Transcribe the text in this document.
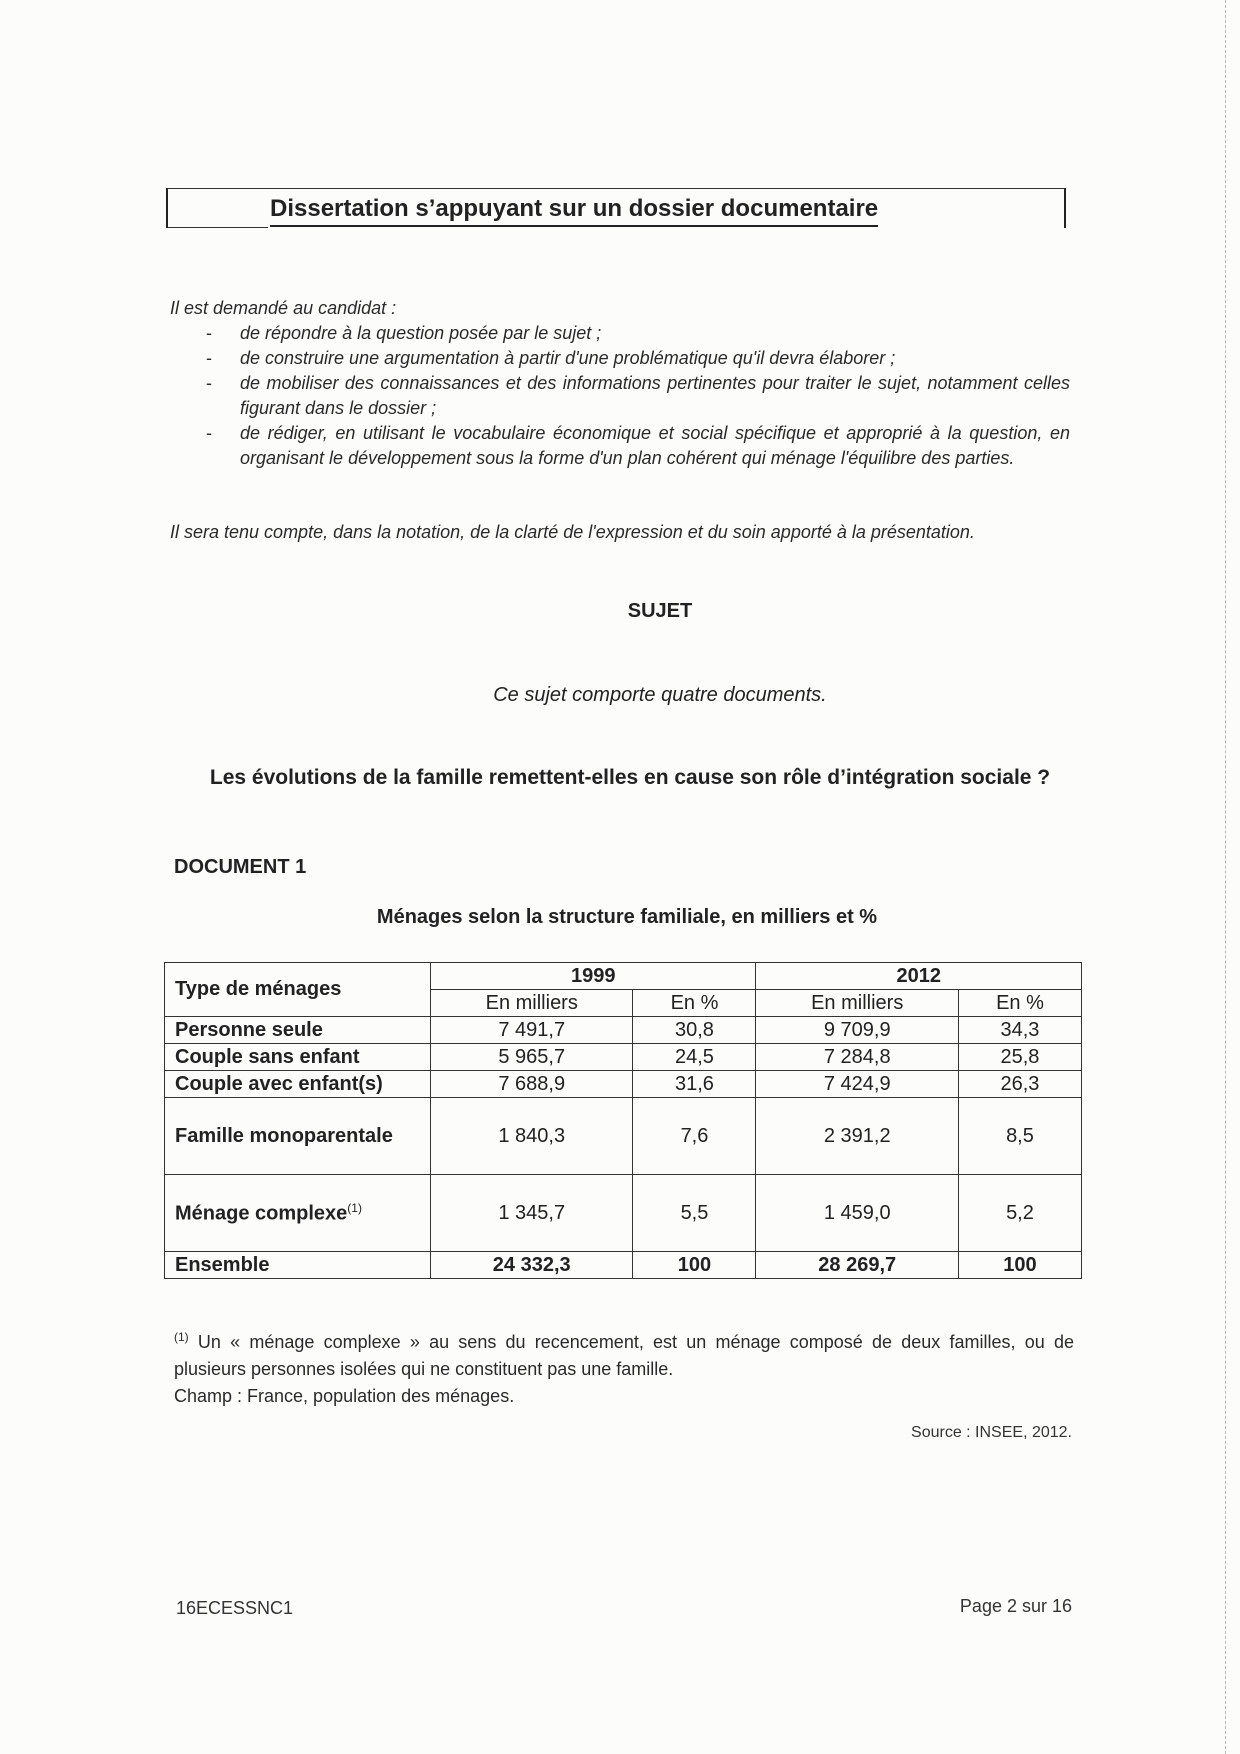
Dissertation s’appuyant sur un dossier documentaire

Il est demandé au candidat :

- de répondre à la question posée par le sujet ;
- de construire une argumentation à partir d'une problématique qu'il devra élaborer ;
- de mobiliser des connaissances et des informations pertinentes pour traiter le sujet, notamment celles figurant dans le dossier ;
- de rédiger, en utilisant le vocabulaire économique et social spécifique et approprié à la question, en organisant le développement sous la forme d'un plan cohérent qui ménage l'équilibre des parties.

Il sera tenu compte, dans la notation, de la clarté de l'expression et du soin apporté à la présentation.

SUJET
Ce sujet comporte quatre documents.
Les évolutions de la famille remettent-elles en cause son rôle d’intégration sociale ?
DOCUMENT 1
Ménages selon la structure familiale, en milliers et %
Type de ménages	1999		2012	
	En milliers	En %	En milliers	En %
Personne seule	7 491,7	30,8	9 709,9	34,3
Couple sans enfant	5 965,7	24,5	7 284,8	25,8
Couple avec enfant(s)	7 688,9	31,6	7 424,9	26,3
Famille monoparentale	1 840,3	7,6	2 391,2	8,5
Ménage complexe$^{(1)}$	1 345,7	5,5	1 459,0	5,2
Ensemble	24 332,3	100	28 269,7	100
$^{(1)}$ Un « ménage complexe » au sens du recencement, est un ménage composé de deux familles, ou de plusieurs personnes isolées qui ne constituent pas une famille.
Champ : France, population des ménages.
Source : INSEE, 2012.
16ECESSNC1	Page 2 sur 16
